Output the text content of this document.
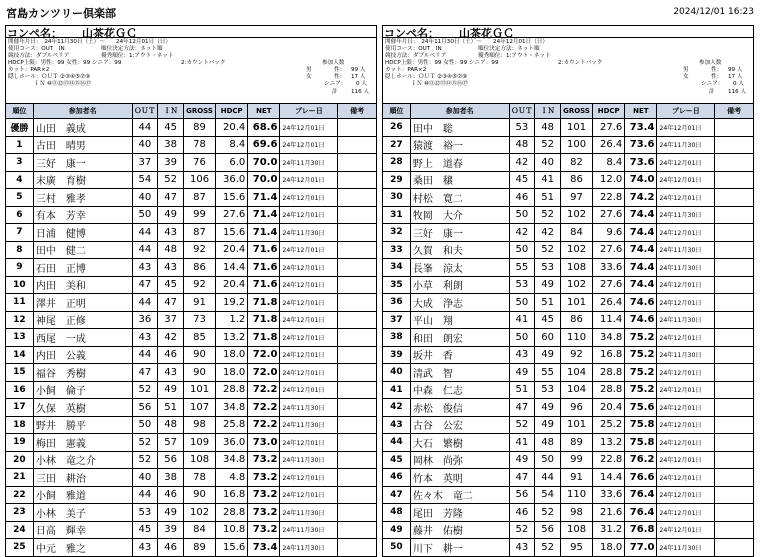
宮島カンツリー倶楽部	2024/12/01 16:23
コンペ名： 山茶花ＧＣ
開催年月日：　24年11月30日（土）～　　24年12月01日（日）
使用コース：OUT　IN	順位決定方法：ネット順
競技方法：ダブルペリア	優秀順位：1:アウト・ネット
HDCP上限：男性：99 女性：99 シニア：99	2:カウントバック
カット：PAR×2
隠しホール：ＯＵＴ ②③④⑤⑦⑨
ＩＮ ⑩⑪⑫⑬⑭⑮⑯⑰
参加人数
男　　　　性： 99 人
女　　　　性： 17 人
シニア： 0 人
計 116 人
順位	参加者名	ＯＵＴ	ＩＮ	GROSS	HDCP	NET	プレー日	備考
優勝	山田　義成	44	45	89	20.4	68.6	24年12月01日	
1	古田　晴男	40	38	78	8.4	69.6	24年12月01日	
3	三好　康一	37	39	76	6.0	70.0	24年11月30日	
4	末廣　育樹	54	52	106	36.0	70.0	24年12月01日	
5	三村　雅孝	40	47	87	15.6	71.4	24年12月01日	
6	有本　芳幸	50	49	99	27.6	71.4	24年12月01日	
7	日浦　健博	44	43	87	15.6	71.4	24年11月30日	
8	田中　健二	44	48	92	20.4	71.6	24年12月01日	
9	石田　正博	43	43	86	14.4	71.6	24年12月01日	
10	内田　美和	47	45	92	20.4	71.6	24年12月01日	
11	澤井　正明	44	47	91	19.2	71.8	24年12月01日	
12	神尾　正修	36	37	73	1.2	71.8	24年12月01日	
13	西尾　一成	43	42	85	13.2	71.8	24年12月01日	
14	内田　公義	44	46	90	18.0	72.0	24年12月01日	
15	福谷　秀樹	47	43	90	18.0	72.0	24年12月01日	
16	小飼　倫子	52	49	101	28.8	72.2	24年12月01日	
17	久保　英樹	56	51	107	34.8	72.2	24年11月30日	
18	野井　勝平	50	48	98	25.8	72.2	24年11月30日	
19	梅田　憲義	52	57	109	36.0	73.0	24年12月01日	
20	小林　竜之介	52	56	108	34.8	73.2	24年11月30日	
21	三田　耕治	40	38	78	4.8	73.2	24年12月01日	
22	小飼　雅道	44	46	90	16.8	73.2	24年12月01日	
23	小林　美子	53	49	102	28.8	73.2	24年11月30日	
24	日高　輝幸	45	39	84	10.8	73.2	24年11月30日	
25	中元　雅之	43	46	89	15.6	73.4	24年11月30日	
コンペ名： 山茶花ＧＣ
開催年月日：　24年11月30日（土）～　　24年12月01日（日）
使用コース：OUT　IN	順位決定方法：ネット順
競技方法：ダブルペリア	優秀順位：1:アウト・ネット
HDCP上限：男性：99 女性：99 シニア：99	2:カウントバック
カット：PAR×2
隠しホール：ＯＵＴ ②③④⑤⑦⑨
ＩＮ ⑩⑪⑫⑬⑭⑮⑯⑰
参加人数
男　　　　性： 99 人
女　　　　性： 17 人
シニア： 0 人
計 116 人
順位	参加者名	ＯＵＴ	ＩＮ	GROSS	HDCP	NET	プレー日	備考
26	田中　聡	53	48	101	27.6	73.4	24年12月01日	
27	猿渡　裕一	48	52	100	26.4	73.6	24年11月30日	
28	野上　道春	42	40	82	8.4	73.6	24年12月01日	
29	桑田　穣	45	41	86	12.0	74.0	24年12月01日	
30	村松　寛二	46	51	97	22.8	74.2	24年12月01日	
31	牧岡　大介	50	52	102	27.6	74.4	24年11月30日	
32	三好　康一	42	42	84	9.6	74.4	24年12月01日	
33	久賀　和夫	50	52	102	27.6	74.4	24年11月30日	
34	長峯　涼太	55	53	108	33.6	74.4	24年11月30日	
35	小草　利朗	53	49	102	27.6	74.4	24年12月01日	
36	大成　浄志	50	51	101	26.4	74.6	24年12月01日	
37	平山　翔	41	45	86	11.4	74.6	24年11月30日	
38	和田　朗宏	50	60	110	34.8	75.2	24年12月01日	
39	坂井　香	43	49	92	16.8	75.2	24年11月30日	
40	清武　智	49	55	104	28.8	75.2	24年12月01日	
41	中森　仁志	51	53	104	28.8	75.2	24年12月01日	
42	赤松　俊信	47	49	96	20.4	75.6	24年12月01日	
43	古谷　公宏	52	49	101	25.2	75.8	24年12月01日	
44	大石　繁樹	41	48	89	13.2	75.8	24年12月01日	
45	岡林　尚弥	49	50	99	22.8	76.2	24年12月01日	
46	竹本　英明	47	44	91	14.4	76.6	24年12月01日	
47	佐々木　竜二	56	54	110	33.6	76.4	24年12月01日	
48	尾田　芳隆	46	52	98	21.6	76.4	24年12月01日	
49	藤井　佑樹	52	56	108	31.2	76.8	24年12月01日	
50	川下　耕一	43	52	95	18.0	77.0	24年11月30日	
